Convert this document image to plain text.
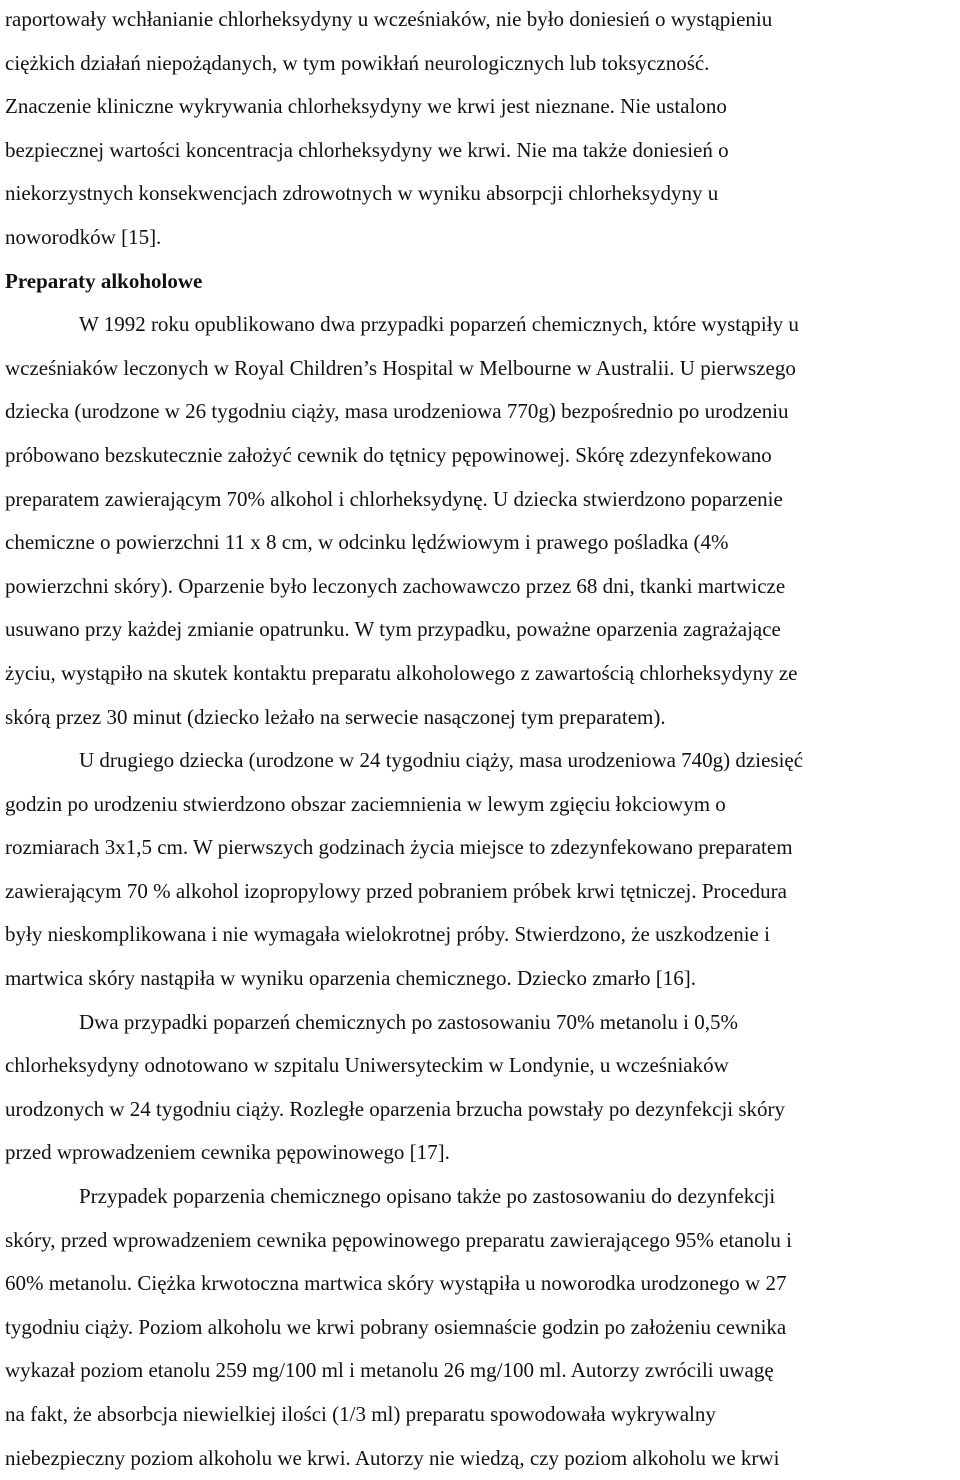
raportowały wchłanianie chlorheksydyny u wcześniaków, nie było doniesień o wystąpieniu
ciężkich działań niepożądanych, w tym powikłań neurologicznych lub toksyczność.
Znaczenie kliniczne wykrywania chlorheksydyny we krwi jest nieznane. Nie ustalono
bezpiecznej wartości koncentracja chlorheksydyny we krwi. Nie ma także doniesień o
niekorzystnych konsekwencjach zdrowotnych w wyniku absorpcji chlorheksydyny u
noworodków [15].
Preparaty alkoholowe
W 1992 roku opublikowano dwa przypadki poparzeń chemicznych, które wystąpiły u
wcześniaków leczonych w Royal Children’s Hospital w Melbourne w Australii. U pierwszego
dziecka (urodzone w 26 tygodniu ciąży, masa urodzeniowa 770g) bezpośrednio po urodzeniu
próbowano bezskutecznie założyć cewnik do tętnicy pępowinowej. Skórę zdezynfekowano
preparatem zawierającym 70% alkohol i chlorheksydynę. U dziecka stwierdzono poparzenie
chemiczne o powierzchni 11 x 8 cm, w odcinku lędźwiowym i prawego pośladka (4%
powierzchni skóry). Oparzenie było leczonych zachowawczo przez 68 dni, tkanki martwicze
usuwano przy każdej zmianie opatrunku. W tym przypadku, poważne oparzenia zagrażające
życiu, wystąpiło na skutek kontaktu preparatu alkoholowego z zawartością chlorheksydyny ze
skórą przez 30 minut (dziecko leżało na serwecie nasączonej tym preparatem).
U drugiego dziecka (urodzone w 24 tygodniu ciąży, masa urodzeniowa 740g) dziesięć
godzin po urodzeniu stwierdzono obszar zaciemnienia w lewym zgięciu łokciowym o
rozmiarach 3x1,5 cm. W pierwszych godzinach życia miejsce to zdezynfekowano preparatem
zawierającym 70 % alkohol izopropylowy przed pobraniem próbek krwi tętniczej. Procedura
były nieskomplikowana i nie wymagała wielokrotnej próby. Stwierdzono, że uszkodzenie i
martwica skóry nastąpiła w wyniku oparzenia chemicznego. Dziecko zmarło [16].
Dwa przypadki poparzeń chemicznych po zastosowaniu 70% metanolu i 0,5%
chlorheksydyny odnotowano w szpitalu Uniwersyteckim w Londynie, u wcześniaków
urodzonych w 24 tygodniu ciąży. Rozległe oparzenia brzucha powstały po dezynfekcji skóry
przed wprowadzeniem cewnika pępowinowego [17].
Przypadek poparzenia chemicznego opisano także po zastosowaniu do dezynfekcji
skóry, przed wprowadzeniem cewnika pępowinowego preparatu zawierającego 95% etanolu i
60% metanolu. Ciężka krwotoczna martwica skóry wystąpiła u noworodka urodzonego w 27
tygodniu ciąży. Poziom alkoholu we krwi pobrany osiemnaście godzin po założeniu cewnika
wykazał poziom etanolu 259 mg/100 ml i metanolu 26 mg/100 ml. Autorzy zwrócili uwagę
na fakt, że absorbcja niewielkiej ilości (1/3 ml) preparatu spowodowała wykrywalny
niebezpieczny poziom alkoholu we krwi. Autorzy nie wiedzą, czy poziom alkoholu we krwi
